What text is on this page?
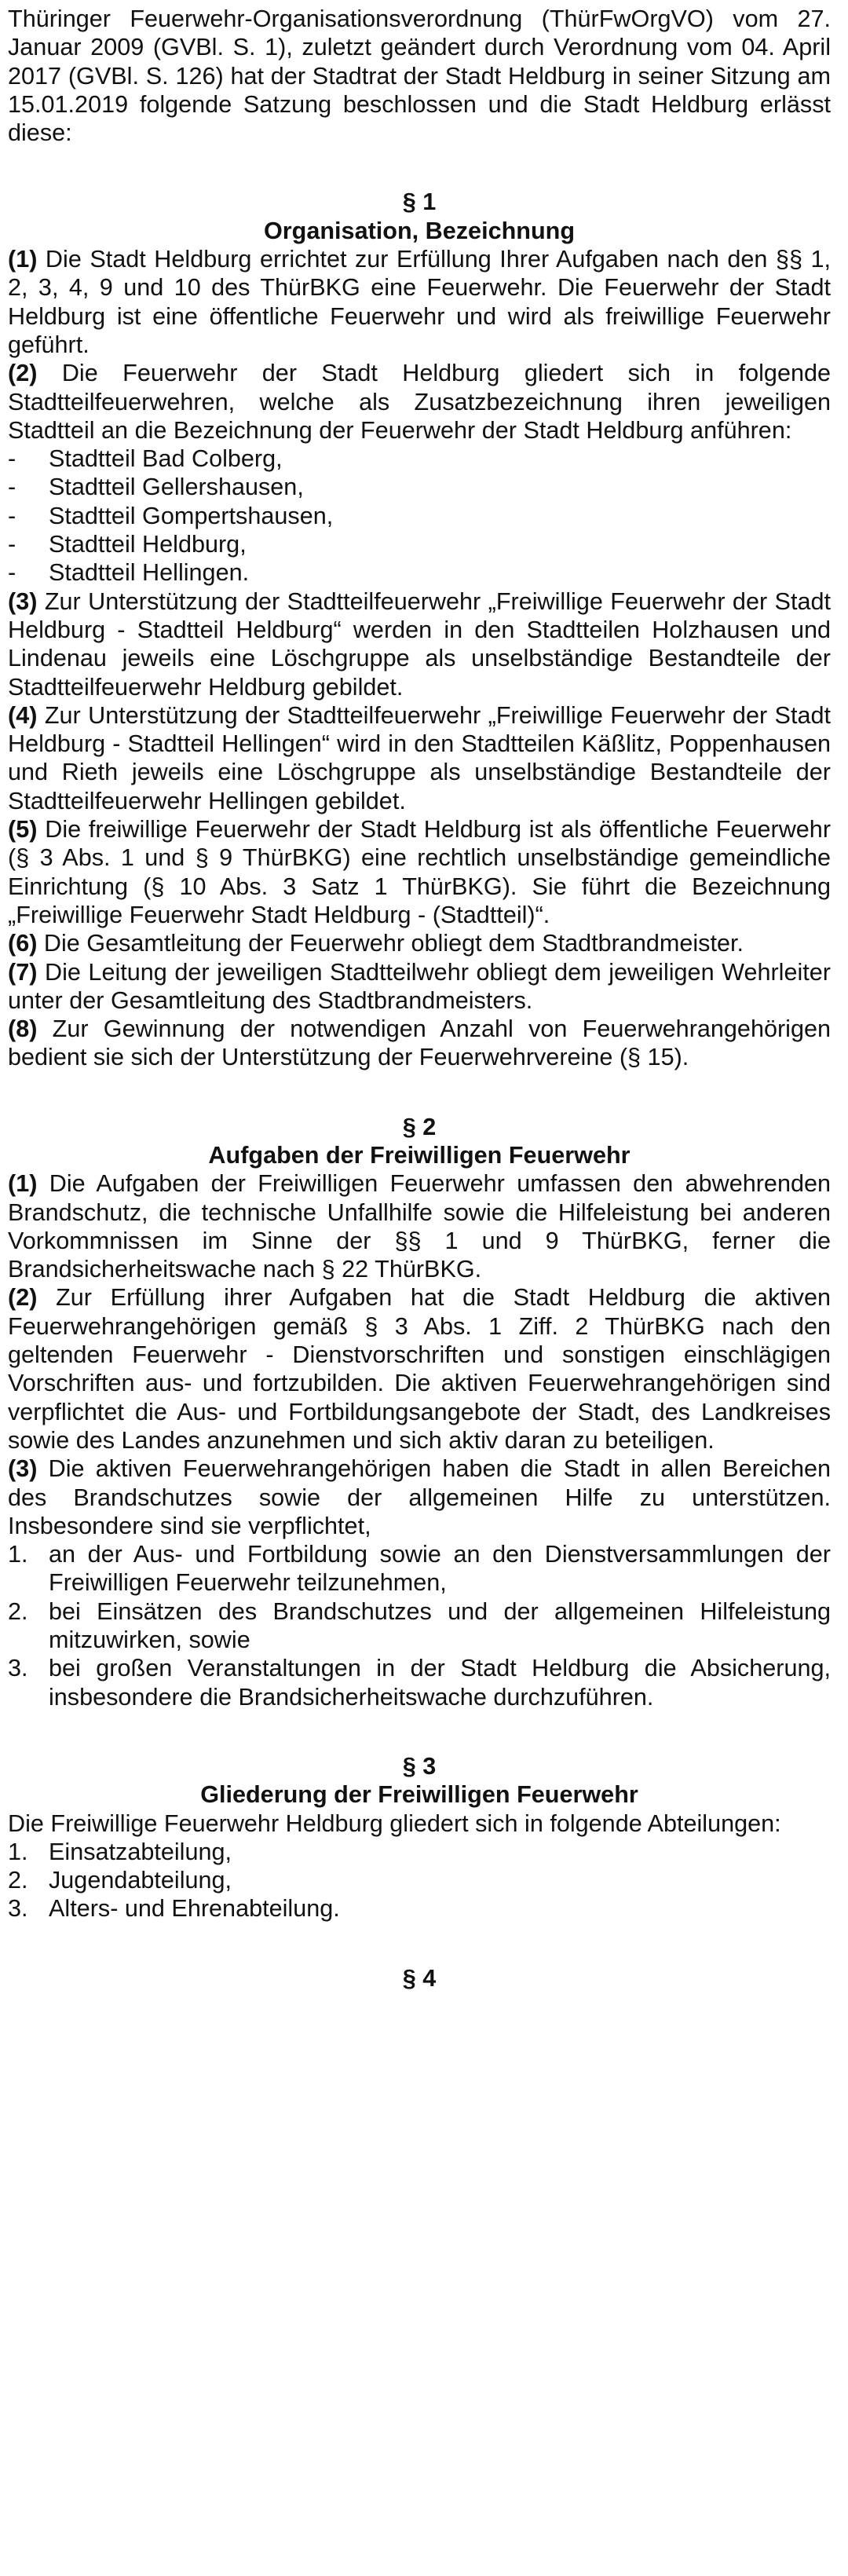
Thüringer Feuerwehr-Organisationsverordnung (ThürFwOrgVO) vom 27. Januar 2009 (GVBl. S. 1), zuletzt geändert durch Verordnung vom 04. April 2017 (GVBl. S. 126) hat der Stadtrat der Stadt Heldburg in seiner Sitzung am 15.01.2019 folgende Satzung beschlossen und die Stadt Heldburg erlässt diese:

§ 1
Organisation, Bezeichnung

(1) Die Stadt Heldburg errichtet zur Erfüllung Ihrer Aufgaben nach den §§ 1, 2, 3, 4, 9 und 10 des ThürBKG eine Feuerwehr. Die Feuerwehr der Stadt Heldburg ist eine öffentliche Feuerwehr und wird als freiwillige Feuerwehr geführt.

(2) Die Feuerwehr der Stadt Heldburg gliedert sich in folgende Stadtteilfeuerwehren, welche als Zusatzbezeichnung ihren jeweiligen Stadtteil an die Bezeichnung der Feuerwehr der Stadt Heldburg anführen:

- Stadtteil Bad Colberg,
- Stadtteil Gellershausen,
- Stadtteil Gompertshausen,
- Stadtteil Heldburg,
- Stadtteil Hellingen.

(3) Zur Unterstützung der Stadtteilfeuerwehr „Freiwillige Feuerwehr der Stadt Heldburg - Stadtteil Heldburg“ werden in den Stadtteilen Holzhausen und Lindenau jeweils eine Löschgruppe als unselbständige Bestandteile der Stadtteilfeuerwehr Heldburg gebildet.

(4) Zur Unterstützung der Stadtteilfeuerwehr „Freiwillige Feuerwehr der Stadt Heldburg - Stadtteil Hellingen“ wird in den Stadtteilen Käßlitz, Poppenhausen und Rieth jeweils eine Löschgruppe als unselbständige Bestandteile der Stadtteilfeuerwehr Hellingen gebildet.

(5) Die freiwillige Feuerwehr der Stadt Heldburg ist als öffentliche Feuerwehr (§ 3 Abs. 1 und § 9 ThürBKG) eine rechtlich unselbständige gemeindliche Einrichtung (§ 10 Abs. 3 Satz 1 ThürBKG). Sie führt die Bezeichnung „Freiwillige Feuerwehr Stadt Heldburg - (Stadtteil)“.

(6) Die Gesamtleitung der Feuerwehr obliegt dem Stadtbrandmeister.

(7) Die Leitung der jeweiligen Stadtteilwehr obliegt dem jeweiligen Wehrleiter unter der Gesamtleitung des Stadtbrandmeisters.

(8) Zur Gewinnung der notwendigen Anzahl von Feuerwehrangehörigen bedient sie sich der Unterstützung der Feuerwehrvereine (§ 15).

§ 2
Aufgaben der Freiwilligen Feuerwehr

(1) Die Aufgaben der Freiwilligen Feuerwehr umfassen den abwehrenden Brandschutz, die technische Unfallhilfe sowie die Hilfeleistung bei anderen Vorkommnissen im Sinne der §§ 1 und 9 ThürBKG, ferner die Brandsicherheitswache nach § 22 ThürBKG.

(2) Zur Erfüllung ihrer Aufgaben hat die Stadt Heldburg die aktiven Feuerwehrangehörigen gemäß § 3 Abs. 1 Ziff. 2 ThürBKG nach den geltenden Feuerwehr - Dienstvorschriften und sonstigen einschlägigen Vorschriften aus- und fortzubilden. Die aktiven Feuerwehrangehörigen sind verpflichtet die Aus- und Fortbildungsangebote der Stadt, des Landkreises sowie des Landes anzunehmen und sich aktiv daran zu beteiligen.

(3) Die aktiven Feuerwehrangehörigen haben die Stadt in allen Bereichen des Brandschutzes sowie der allgemeinen Hilfe zu unterstützen. Insbesondere sind sie verpflichtet,

1. an der Aus- und Fortbildung sowie an den Dienstversammlungen der Freiwilligen Feuerwehr teilzunehmen,
2. bei Einsätzen des Brandschutzes und der allgemeinen Hilfeleistung mitzuwirken, sowie
3. bei großen Veranstaltungen in der Stadt Heldburg die Absicherung, insbesondere die Brandsicherheitswache durchzuführen.
§ 3
Gliederung der Freiwilligen Feuerwehr

Die Freiwillige Feuerwehr Heldburg gliedert sich in folgende Abteilungen:

1. Einsatzabteilung,
2. Jugendabteilung,
3. Alters- und Ehrenabteilung.
§ 4
